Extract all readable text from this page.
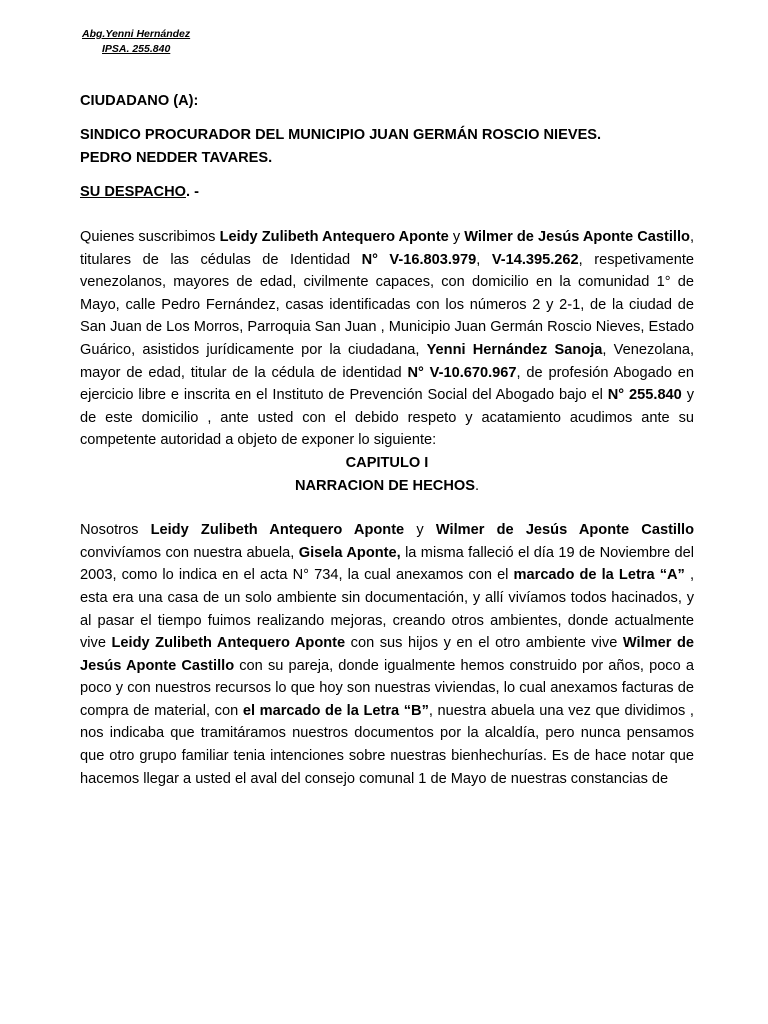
Abg.Yenni Hernández
IPSA. 255.840

CIUDADANO (A):

SINDICO PROCURADOR DEL MUNICIPIO JUAN GERMÁN ROSCIO NIEVES.

PEDRO NEDDER TAVARES.

SU DESPACHO. -

Quienes suscribimos Leidy Zulibeth Antequero Aponte y Wilmer de Jesús Aponte Castillo, titulares de las cédulas de Identidad N° V-16.803.979, V-14.395.262, respetivamente venezolanos, mayores de edad, civilmente capaces, con domicilio en la comunidad 1° de Mayo, calle Pedro Fernández, casas identificadas con los números 2 y 2-1, de la ciudad de San Juan de Los Morros, Parroquia San Juan , Municipio Juan Germán Roscio Nieves, Estado Guárico, asistidos jurídicamente por la ciudadana, Yenni Hernández Sanoja, Venezolana, mayor de edad, titular de la cédula de identidad N° V-10.670.967, de profesión Abogado en ejercicio libre e inscrita en el Instituto de Prevención Social del Abogado bajo el N° 255.840 y de este domicilio , ante usted con el debido respeto y acatamiento acudimos ante su competente autoridad a objeto de exponer lo siguiente:

CAPITULO I

NARRACION DE HECHOS.

Nosotros Leidy Zulibeth Antequero Aponte y Wilmer de Jesús Aponte Castillo convivíamos con nuestra abuela, Gisela Aponte, la misma falleció el día 19 de Noviembre del 2003, como lo indica en el acta N° 734, la cual anexamos con el marcado de la Letra “A” , esta era una casa de un solo ambiente sin documentación, y allí vivíamos todos hacinados, y al pasar el tiempo fuimos realizando mejoras, creando otros ambientes, donde actualmente vive Leidy Zulibeth Antequero Aponte con sus hijos y en el otro ambiente vive Wilmer de Jesús Aponte Castillo con su pareja, donde igualmente hemos construido por años, poco a poco y con nuestros recursos lo que hoy son nuestras viviendas, lo cual anexamos facturas de compra de material, con el marcado de la Letra “B”, nuestra abuela una vez que dividimos , nos indicaba que tramitáramos nuestros documentos por la alcaldía, pero nunca pensamos que otro grupo familiar tenia intenciones sobre nuestras bienhechurías. Es de hace notar que hacemos llegar a usted el aval del consejo comunal 1 de Mayo de nuestras constancias de
